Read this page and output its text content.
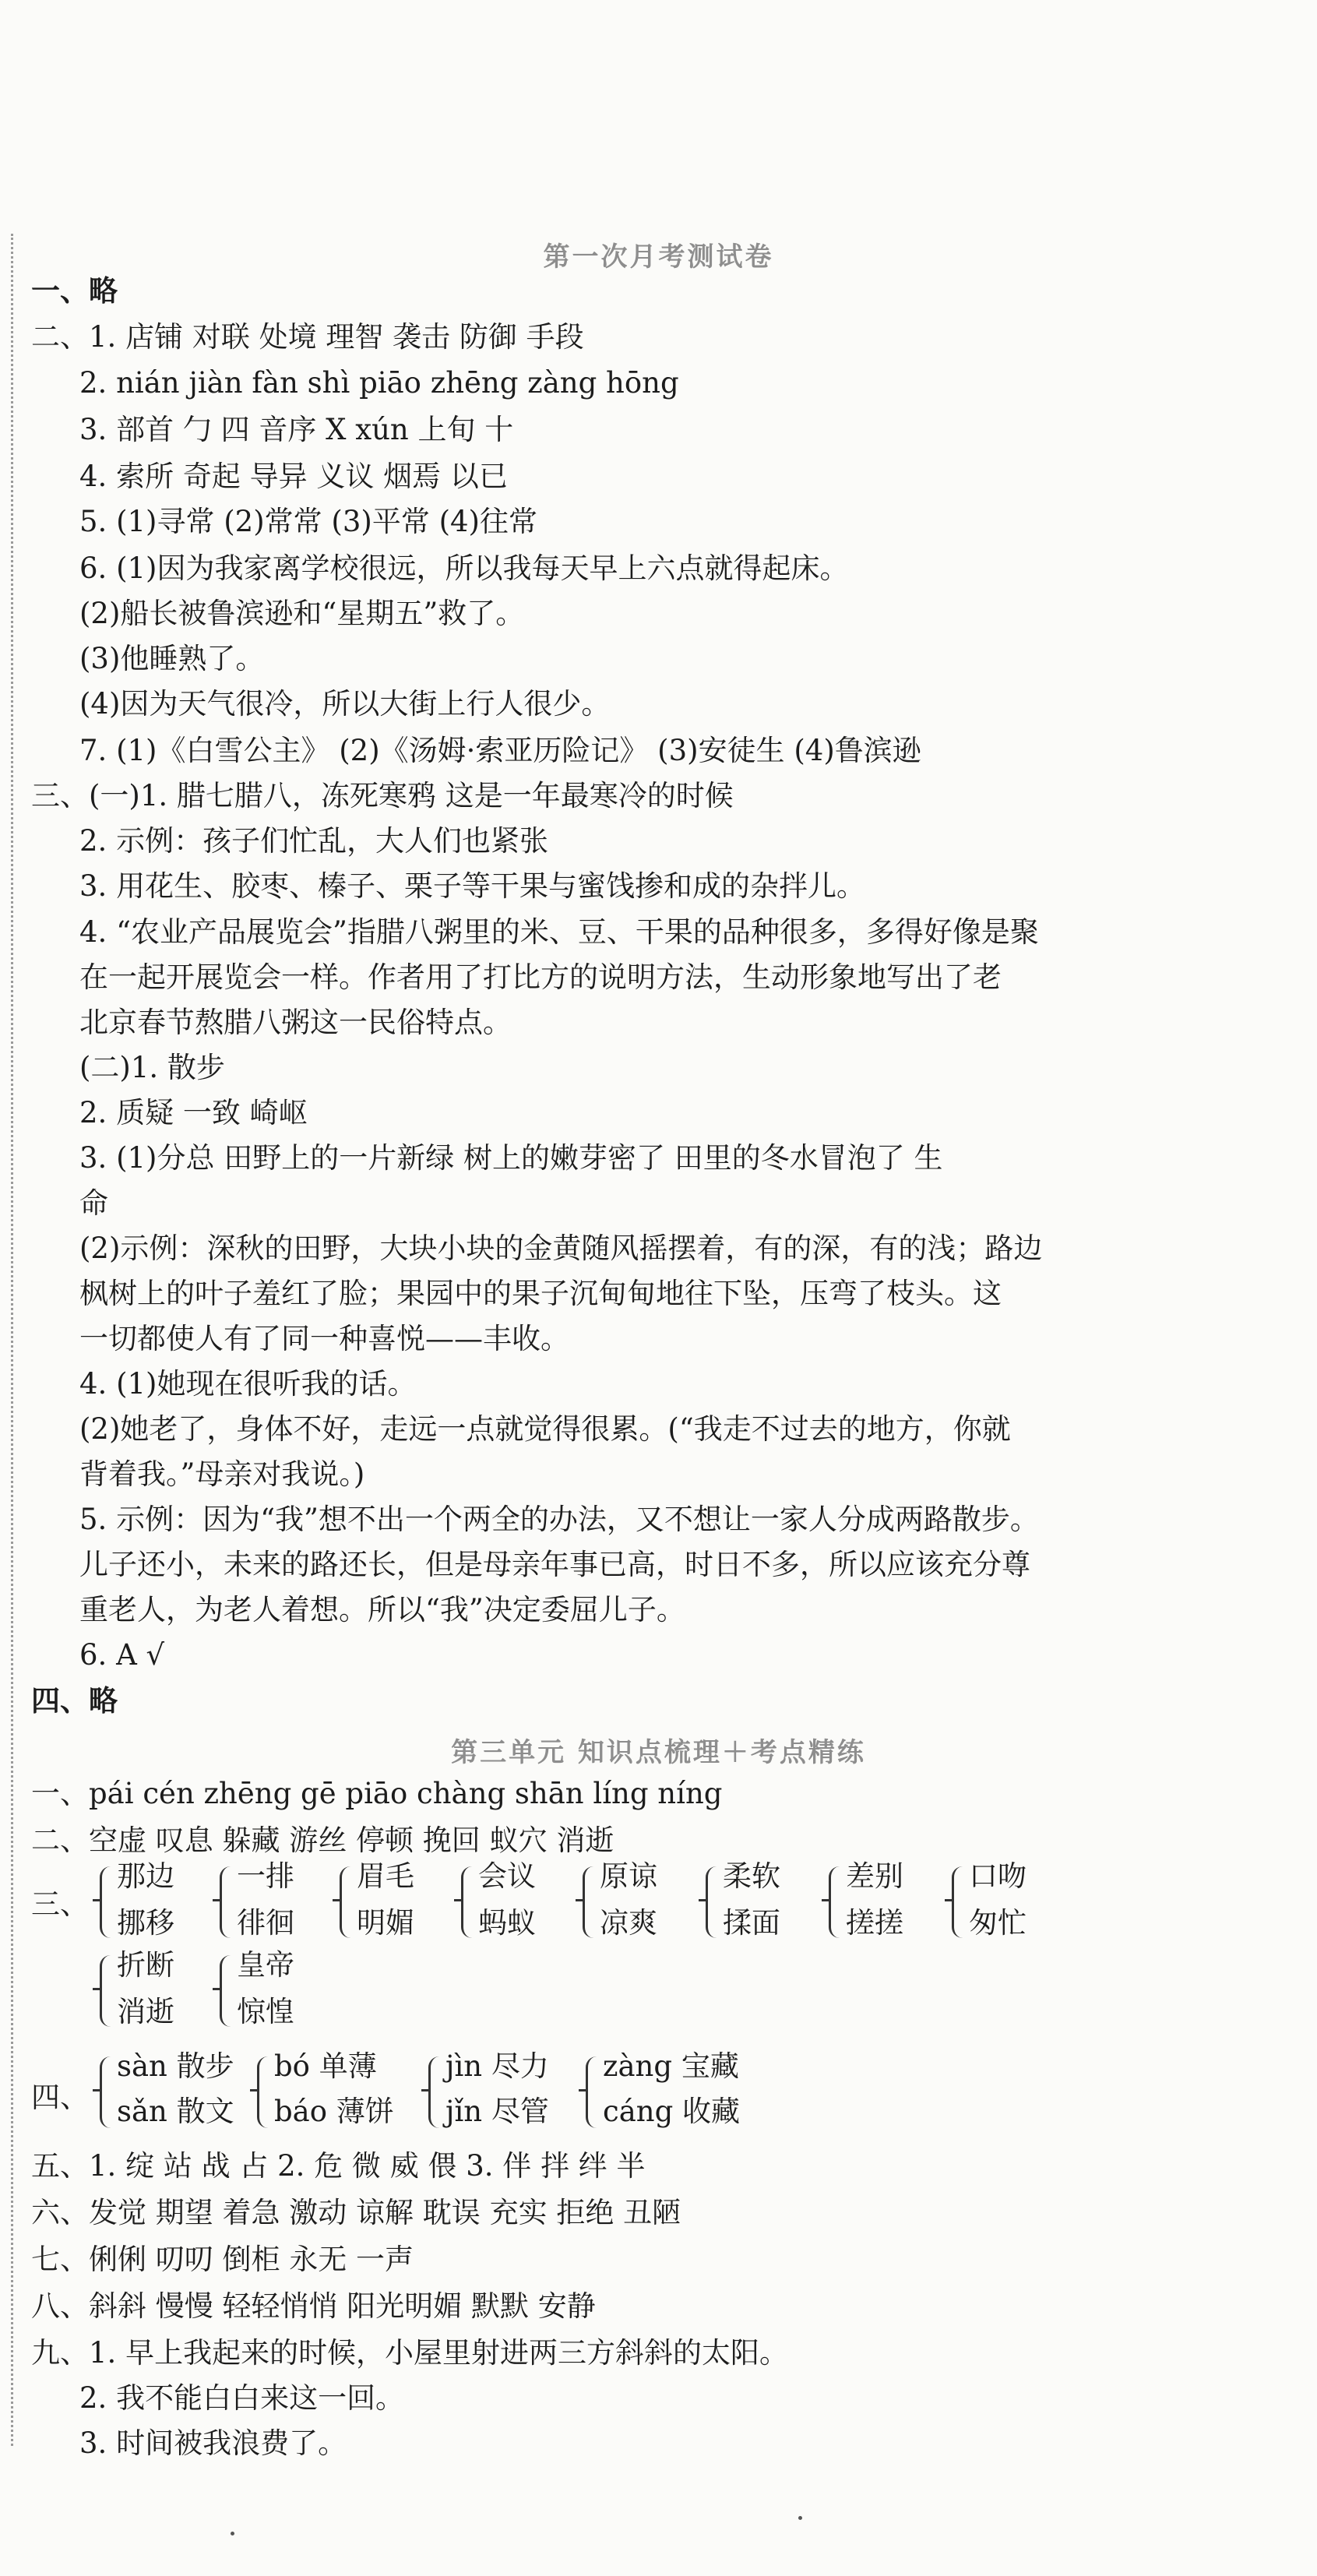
第一次月考测试卷
一、略
二、1. 店铺 对联 处境 理智 袭击 防御 手段
2. nián jiàn fàn shì piāo zhēng zàng hōng
3. 部首 勹 四 音序 X xún 上旬 十
4. 索所 奇起 导异 义议 烟焉 以已
5. (1)寻常 (2)常常 (3)平常 (4)往常
6. (1)因为我家离学校很远，所以我每天早上六点就得起床。
(2)船长被鲁滨逊和“星期五”救了。
(3)他睡熟了。
(4)因为天气很冷，所以大街上行人很少。
7. (1)《白雪公主》 (2)《汤姆·索亚历险记》 (3)安徒生 (4)鲁滨逊
三、(一)1. 腊七腊八，冻死寒鸦 这是一年最寒冷的时候
2. 示例：孩子们忙乱，大人们也紧张
3. 用花生、胶枣、榛子、栗子等干果与蜜饯掺和成的杂拌儿。
4. “农业产品展览会”指腊八粥里的米、豆、干果的品种很多，多得好像是聚
在一起开展览会一样。作者用了打比方的说明方法，生动形象地写出了老
北京春节熬腊八粥这一民俗特点。
(二)1. 散步
2. 质疑 一致 崎岖
3. (1)分总 田野上的一片新绿 树上的嫩芽密了 田里的冬水冒泡了 生
命
(2)示例：深秋的田野，大块小块的金黄随风摇摆着，有的深，有的浅；路边
枫树上的叶子羞红了脸；果园中的果子沉甸甸地往下坠，压弯了枝头。这
一切都使人有了同一种喜悦——丰收。
4. (1)她现在很听我的话。
(2)她老了，身体不好，走远一点就觉得很累。(“我走不过去的地方，你就
背着我。”母亲对我说。)
5. 示例：因为“我”想不出一个两全的办法，又不想让一家人分成两路散步。
儿子还小，未来的路还长，但是母亲年事已高，时日不多，所以应该充分尊
重老人，为老人着想。所以“我”决定委屈儿子。
6. A √
四、略
第三单元 知识点梳理＋考点精练
一、pái cén zhēng gē piāo chàng shān líng níng
二、空虚 叹息 躲藏 游丝 停顿 挽回 蚁穴 消逝
三、
那边
挪移
一排
徘徊
眉毛
明媚
会议
蚂蚁
原谅
凉爽
柔软
揉面
差别
搓搓
口吻
匆忙
折断
消逝
皇帝
惊惶
四、
sàn 散步
sǎn 散文
bó 单薄
báo 薄饼
jìn 尽力
jǐn 尽管
zàng 宝藏
cáng 收藏
五、1. 绽 站 战 占 2. 危 微 威 偎 3. 伴 拌 绊 半
六、发觉 期望 着急 激动 谅解 耽误 充实 拒绝 丑陋
七、俐俐 叨叨 倒柜 永无 一声
八、斜斜 慢慢 轻轻悄悄 阳光明媚 默默 安静
九、1. 早上我起来的时候，小屋里射进两三方斜斜的太阳。
2. 我不能白白来这一回。
3. 时间被我浪费了。
